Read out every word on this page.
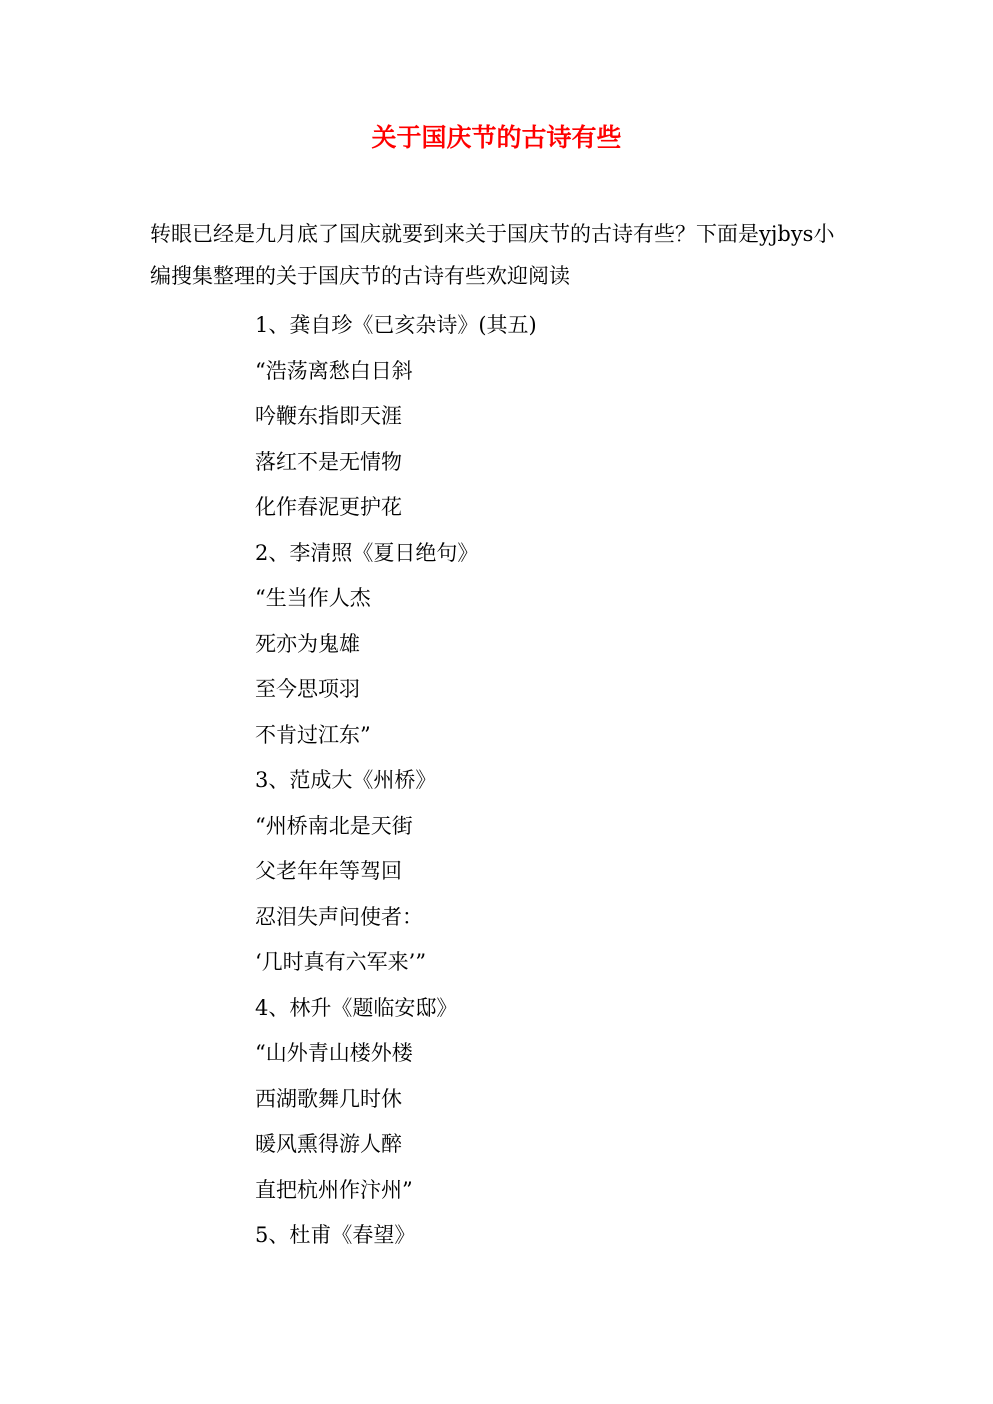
关于国庆节的古诗有些
转眼已经是九月底了国庆就要到来关于国庆节的古诗有些？下面是yjbys小编搜集整理的关于国庆节的古诗有些欢迎阅读
1、龚自珍《已亥杂诗》(其五)
“浩荡离愁白日斜
吟鞭东指即天涯
落红不是无情物
化作春泥更护花
2、李清照《夏日绝句》
“生当作人杰
死亦为鬼雄
至今思项羽
不肯过江东”
3、范成大《州桥》
“州桥南北是天街
父老年年等驾回
忍泪失声问使者：
‘几时真有六军来’”
4、林升《题临安邸》
“山外青山楼外楼
西湖歌舞几时休
暖风熏得游人醉
直把杭州作汴州”
5、杜甫《春望》
